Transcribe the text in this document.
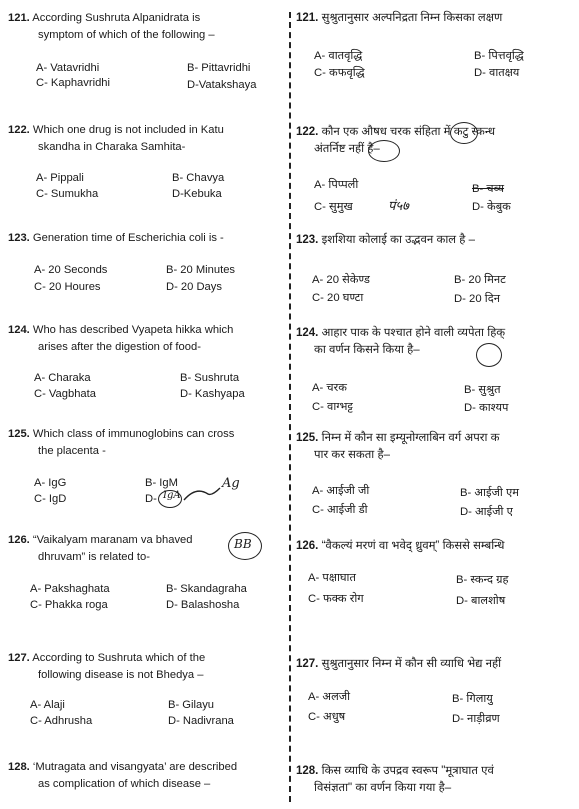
121. According Sushruta Alpanidrata is
symptom of which of the following –

A- Vatavridhi	B- Pittavridhi
C- Kaphavridhi	D-Vatakshaya

122. Which one drug is not included in Katu
skandha in Charaka Samhita-

A- Pippali	B- Chavya
C- Sumukha	D-Kebuka

123. Generation time of Escherichia coli is -

A- 20 Seconds	B- 20 Minutes
C- 20 Houres	D- 20 Days

124. Who has described Vyapeta hikka which
arises after the digestion of food-

A- Charaka	B- Sushruta
C- Vagbhata	D- Kashyapa

125. Which class of immunoglobins can cross
the placenta -

A- IgG	B- IgM
C- IgD	D- IgA
Ag

126. “Vaikalyam maranam va bhaved
dhruvam” is related to-

BB
A- Pakshaghata	B- Skandagraha
C- Phakka roga	D- Balashosha

127. According to Sushruta which of the
following disease is not Bhedya –

A- Alaji	B- Gilayu
C- Adhrusha	D- Nadivrana

128. ‘Mutragata and visangyata’ are described
as complication of which disease –

121. सुश्रुतानुसार अल्पनिद्रता निम्न किसका लक्षण

A- वातवृद्धि	B- पित्तवृद्धि
C- कफवृद्धि	D- वातक्षय

122. कौन एक औषध चरक संहिता में कटु स्कन्ध
अंतर्निष्ट नहीं है–

A- पिप्पली	B- चव्य
C- सुमुख	D- केबुक
पं५७

123. इशशिया कोलाई का उद्भवन काल है –

A- 20 सेकेण्ड	B- 20 मिनट
C- 20 घण्टा	D- 20 दिन

124. आहार पाक के पश्चात होने वाली व्यपेता हिक्
का वर्णन किसने किया है–

A- चरक	B- सुश्रुत
C- वाग्भट्ट	D- काश्यप

125. निम्न में कौन सा इम्यूनोग्लाबिन वर्ग अपरा क
पार कर सकता है–

A- आईजी जी	B- आईजी एम
C- आईजी डी	D- आईजी ए

126. “वैकल्यं मरणं वा भवेद् ध्रुवम्” किससे सम्बन्धि

A- पक्षाघात	B- स्कन्द ग्रह
C- फक्क रोग	D- बालशोष

127. सुश्रुतानुसार निम्न में कौन सी व्याधि भेद्य नहीं

A- अलजी	B- गिलायु
C- अधुष	D- नाड़ीव्रण

128. किस व्याधि के उपद्रव स्वरूप "मूत्राघात एवं
विसंज्ञता" का वर्णन किया गया है–
